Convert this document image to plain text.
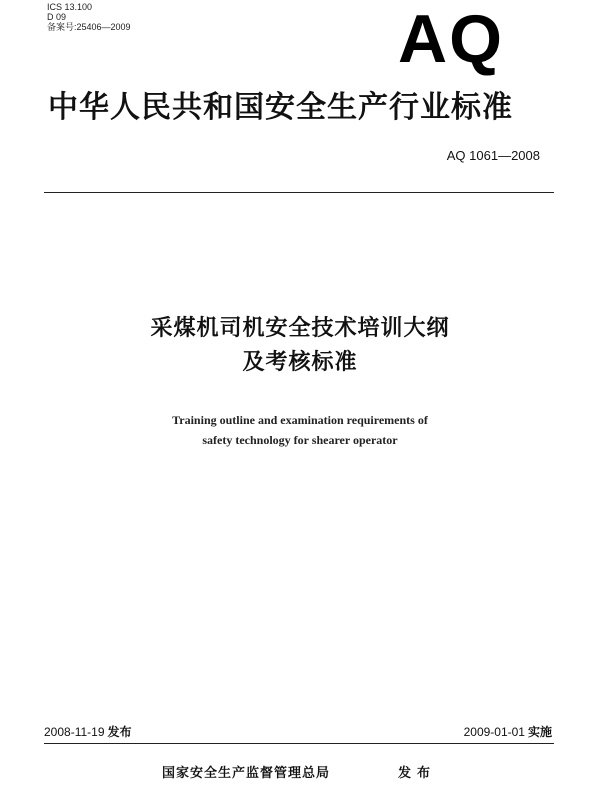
ICS 13.100
D 09
备案号:25406—2009	AQ
中华人民共和国安全生产行业标准
AQ 1061—2008
采煤机司机安全技术培训大纲
及考核标准
Training outline and examination requirements of
safety technology for shearer operator
2008-11-19 发布	2009-01-01 实施
国家安全生产监督管理总局	发布
